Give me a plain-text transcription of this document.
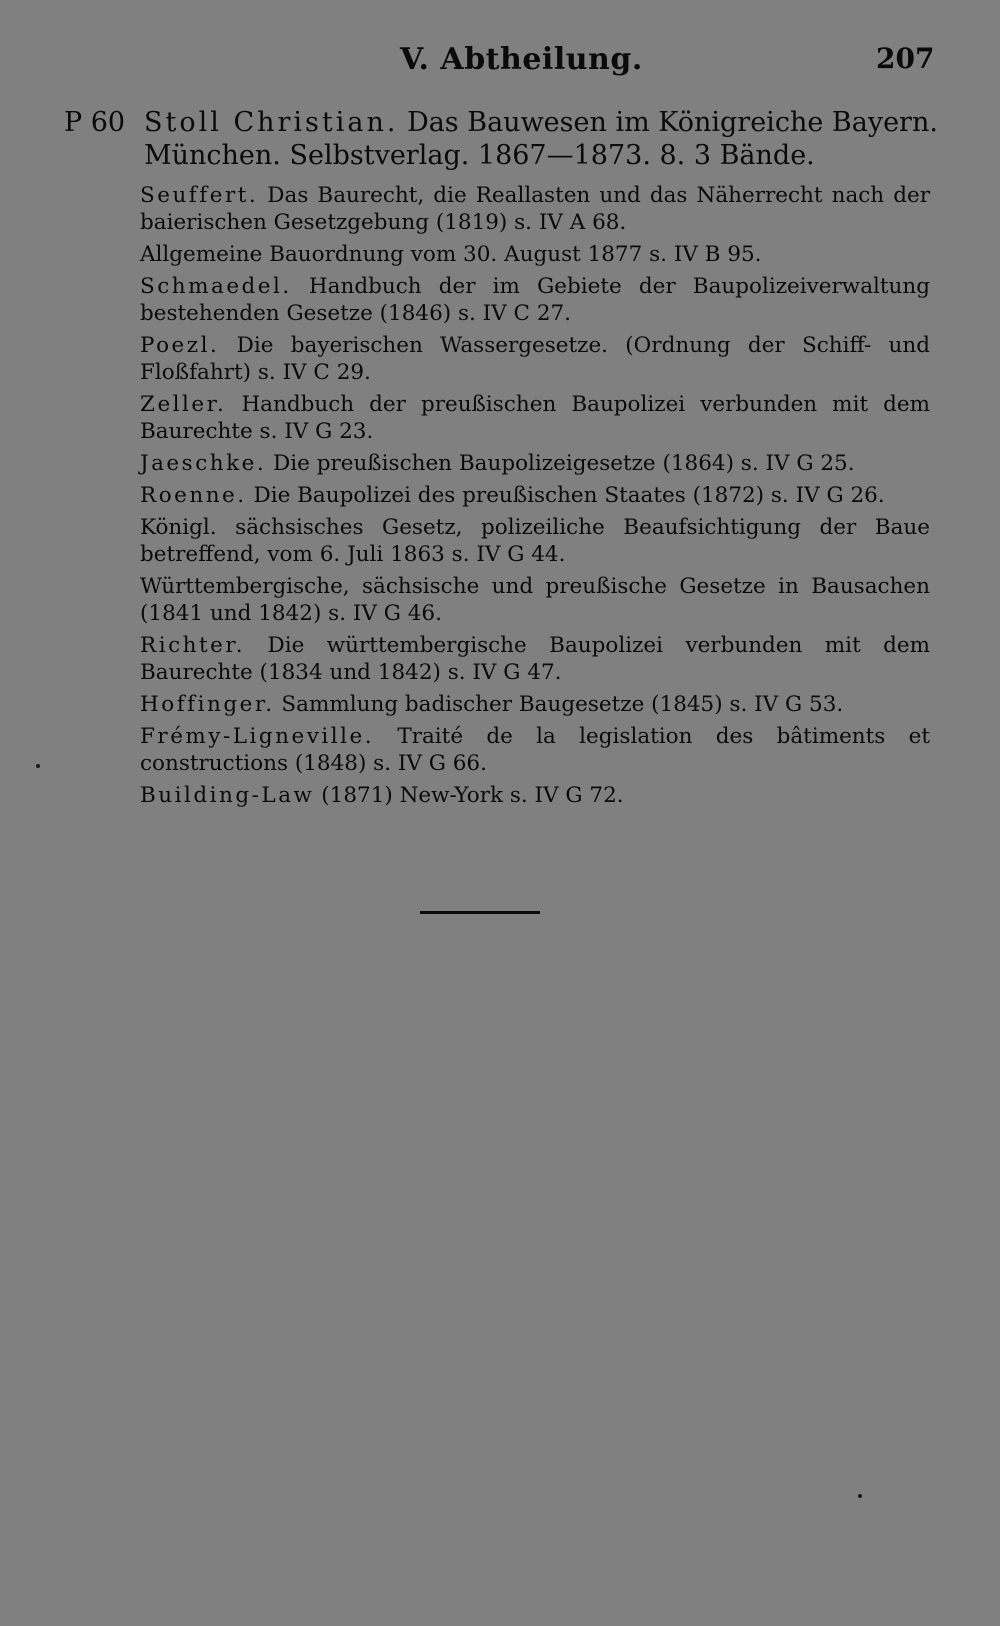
V. Abtheilung.	207
P 60 Stoll Christian. Das Bauwesen im Königreiche Bayern.
München. Selbstverlag. 1867—1873. 8. 3 Bände.
Seuffert. Das Baurecht, die Reallasten und das Näherrecht nach der baierischen Gesetzgebung (1819) s. IV A 68.
Allgemeine Bauordnung vom 30. August 1877 s. IV B 95.
Schmaedel. Handbuch der im Gebiete der Baupolizeiverwaltung bestehenden Gesetze (1846) s. IV C 27.
Poezl. Die bayerischen Wassergesetze. (Ordnung der Schiff- und Floßfahrt) s. IV C 29.
Zeller. Handbuch der preußischen Baupolizei verbunden mit dem Baurechte s. IV G 23.
Jaeschke. Die preußischen Baupolizeigesetze (1864) s. IV G 25.
Roenne. Die Baupolizei des preußischen Staates (1872) s. IV G 26.
Königl. sächsisches Gesetz, polizeiliche Beaufsichtigung der Baue betreffend, vom 6. Juli 1863 s. IV G 44.
Württembergische, sächsische und preußische Gesetze in Bausachen (1841 und 1842) s. IV G 46.
Richter. Die württembergische Baupolizei verbunden mit dem Baurechte (1834 und 1842) s. IV G 47.
Hoffinger. Sammlung badischer Baugesetze (1845) s. IV G 53.
Frémy-Ligneville. Traité de la legislation des bâtiments et constructions (1848) s. IV G 66.
Building-Law (1871) New-York s. IV G 72.
